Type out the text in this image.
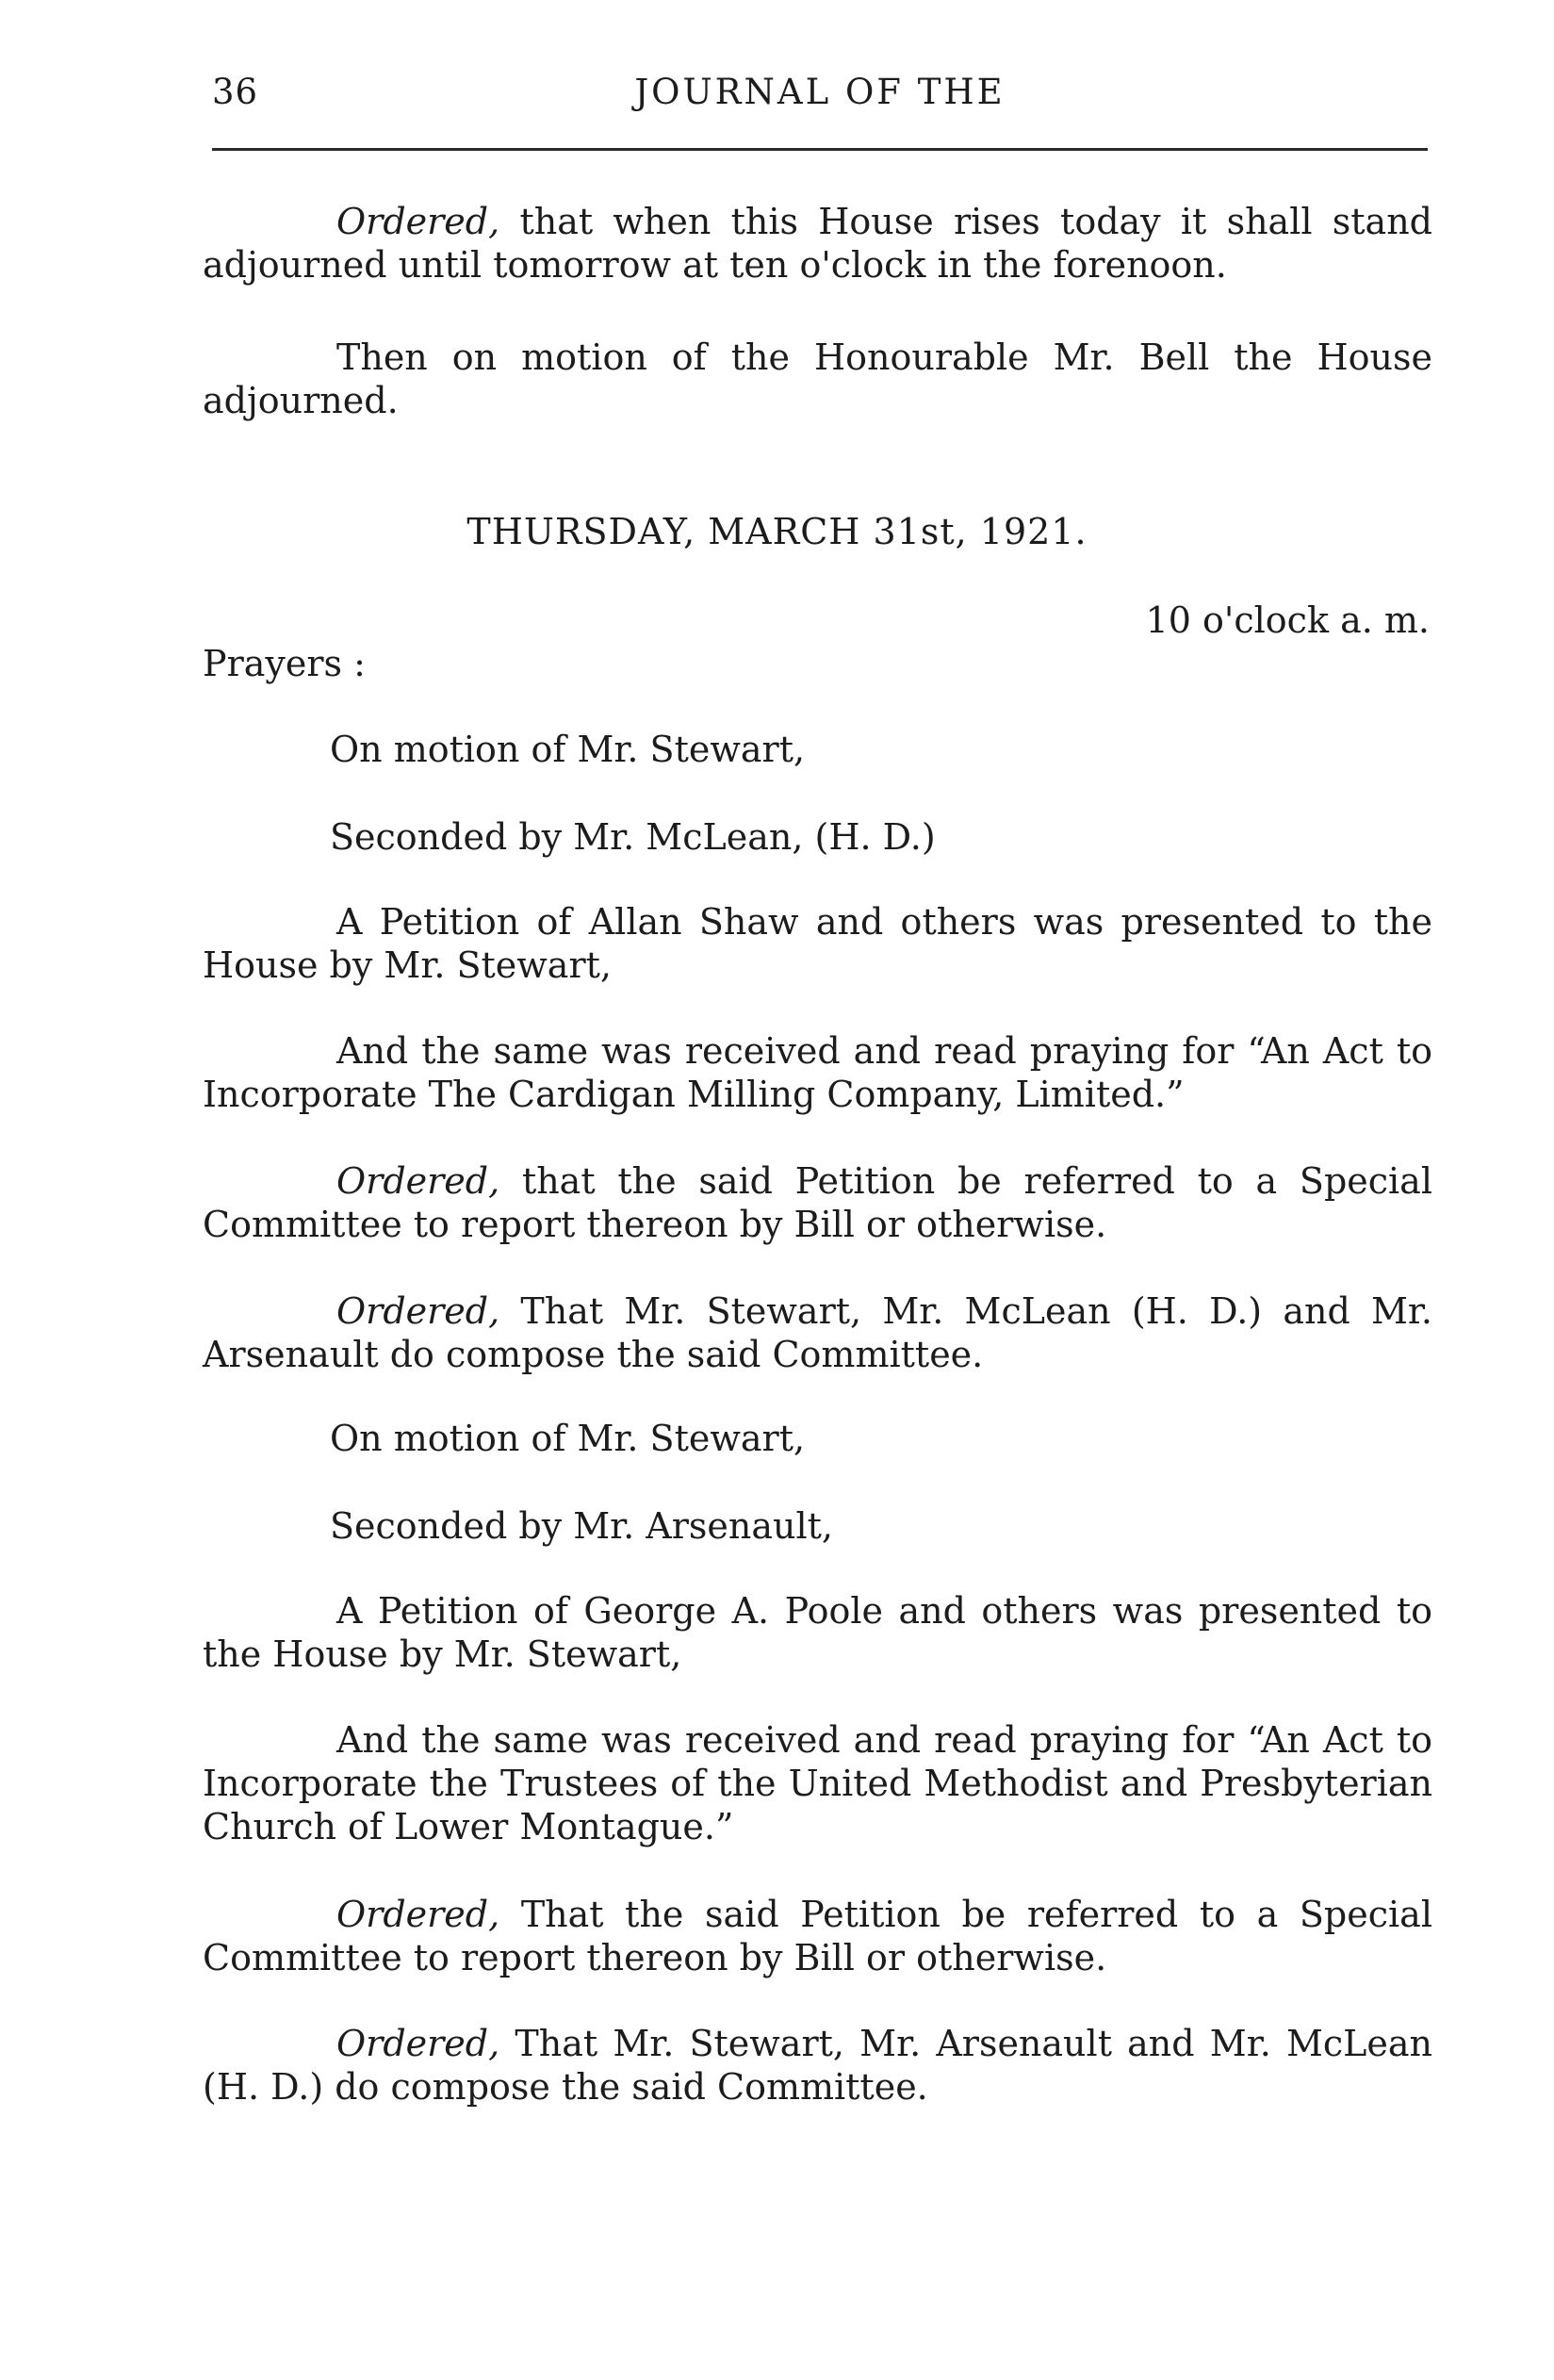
36	JOURNAL OF THE

Ordered, that when this House rises today it shall stand adjourned until tomorrow at ten o'clock in the forenoon.

Then on motion of the Honourable Mr. Bell the House adjourned.

THURSDAY, MARCH 31st, 1921.
10 o'clock a. m.
Prayers :
On motion of Mr. Stewart,
Seconded by Mr. McLean, (H. D.)

A Petition of Allan Shaw and others was presented to the House by Mr. Stewart,

And the same was received and read praying for “An Act to Incorporate The Cardigan Milling Company, Limited.”

Ordered, that the said Petition be referred to a Special Committee to report thereon by Bill or otherwise.

Ordered, That Mr. Stewart, Mr. McLean (H. D.) and Mr. Arsenault do compose the said Committee.

On motion of Mr. Stewart,
Seconded by Mr. Arsenault,

A Petition of George A. Poole and others was presented to the House by Mr. Stewart,

And the same was received and read praying for “An Act to Incorporate the Trustees of the United Methodist and Presbyterian Church of Lower Montague.”

Ordered, That the said Petition be referred to a Special Committee to report thereon by Bill or otherwise.

Ordered, That Mr. Stewart, Mr. Arsenault and Mr. McLean (H. D.) do compose the said Committee.
